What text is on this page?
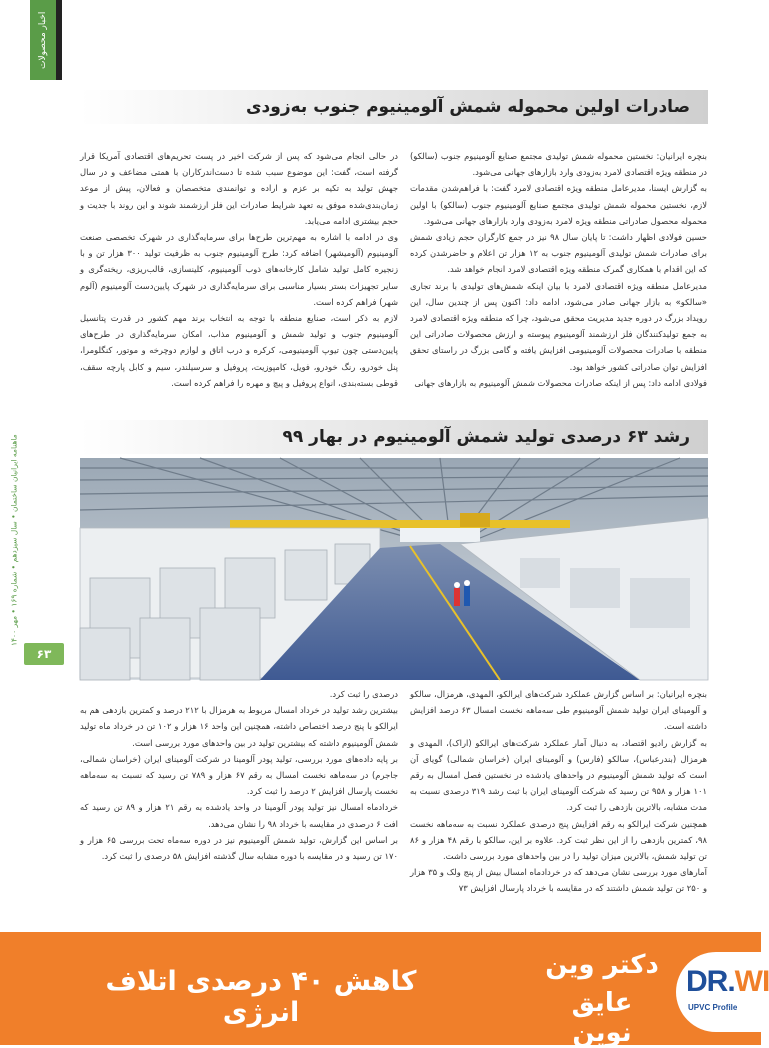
اخبار محصولات
ماهنامه ایرانیان ساختمان • سال سیزدهم • شماره ۱۶۹ • مهر ۱۴۰۰
۶۳
صادرات اولین محموله شمش آلومینیوم جنوب به‌زودی

بنچره ایرانیان: نخستین محموله شمش تولیدی مجتمع صنایع آلومینیوم جنوب (سالکو) در منطقه ویژه اقتصادی لامرد به‌زودی وارد بازارهای جهانی می‌شود.

به گزارش ایسنا، مدیرعامل منطقه ویژه اقتصادی لامرد گفت: با فراهم‌شدن مقدمات لازم، نخستین محموله شمش تولیدی مجتمع صنایع آلومینیوم جنوب (سالکو) با اولین محموله محصول صادراتی منطقه ویژه لامرد به‌زودی وارد بازارهای جهانی می‌شود.

حسین فولادی اظهار داشت: تا پایان سال ۹۸ نیز در جمع کارگران حجم زیادی شمش برای صادرات شمش تولیدی آلومینیوم جنوب به ۱۲ هزار تن اعلام و حاضرشدن کرده که این اقدام با همکاری گمرک منطقه ویژه اقتصادی لامرد انجام خواهد شد.

مدیرعامل منطقه ویژه اقتصادی لامرد با بیان اینکه شمش‌های تولیدی با برند تجاری «سالکو» به بازار جهانی صادر می‌شود، ادامه داد: اکنون پس از چندین سال، این رویداد بزرگ در دوره جدید مدیریت محقق می‌شود، چرا که منطقه ویژه اقتصادی لامرد به جمع تولیدکنندگان فلز ارزشمند آلومینیوم پیوسته و ارزش محصولات صادراتی این منطقه با صادرات محصولات آلومینیومی افزایش یافته و گامی بزرگ در راستای تحقق افزایش توان صادراتی کشور خواهد بود.

فولادی ادامه داد: پس از اینکه صادرات محصولات شمش آلومینیوم به بازارهای جهانی

در حالی انجام می‌شود که پس از شرکت اخیر در پست تحریم‌های اقتصادی آمریکا قرار گرفته است، گفت: این موضوع سبب شده تا دست‌اندرکاران با همتی مضاعف و در سال جهش تولید به تکیه بر عزم و اراده و توانمندی متخصصان و فعالان، پیش از موعد زمان‌بندی‌شده موفق به تعهد شرایط صادرات این فلز ارزشمند شوند و این روند با جدیت و حجم بیشتری ادامه می‌یابد.

وی در ادامه با اشاره به مهم‌ترین طرح‌ها برای سرمایه‌گذاری در شهرک تخصصی صنعت آلومینیوم (آلومیشهر) اضافه کرد: طرح آلومینیوم جنوب به ظرفیت تولید ۳۰۰ هزار تن و با زنجیره کامل تولید شامل کارخانه‌های ذوب آلومینیوم، کلینسازی، قالب‌ریزی، ریخته‌گری و سایر تجهیزات بستر بسیار مناسبی برای سرمایه‌گذاری در شهرک پایین‌دست آلومینیوم (آلوم شهر) فراهم کرده است.

لازم به ذکر است، صنایع منطقه با توجه به انتخاب برند مهم کشور در قدرت پتانسیل آلومینیوم جنوب و تولید شمش و آلومینیوم مذاب، امکان سرمایه‌گذاری در طرح‌های پایین‌دستی چون تیوپ آلومینیومی، کرکره و درب اتاق و لوازم دوچرخه و موتور، کنگلومرا، پنل خودرو، رنگ خودرو، فویل، کامپوزیت، پروفیل و سرسیلندر، سیم و کابل پارچه سقف، قوطی بسته‌بندی، انواع پروفیل و پیچ و مهره را فراهم کرده است.

رشد ۶۳ درصدی تولید شمش آلومینیوم در بهار ۹۹

بنچره ایرانیان: بر اساس گزارش عملکرد شرکت‌های ایرالکو، المهدی، هرمزال، سالکو و آلومینای ایران تولید شمش آلومینیوم طی سه‌ماهه نخست امسال ۶۳ درصد افزایش داشته است.

به گزارش رادیو اقتصاد، به دنبال آمار عملکرد شرکت‌های ایرالکو (اراک)، المهدی و هرمزال (بندرعباس)، سالکو (فارس) و آلومینای ایران (خراسان شمالی) گویای آن است که تولید شمش آلومینیوم در واحدهای یادشده در نخستین فصل امسال به رقم ۱۰۱ هزار و ۹۵۸ تن رسید که شرکت آلومینای ایران با ثبت رشد ۳۱۹ درصدی نسبت به مدت مشابه، بالاترین بازدهی را ثبت کرد.

همچنین شرکت ایرالکو به رقم افزایش پنج درصدی عملکرد نسبت به سه‌ماهه نخست ۹۸، کمترین بازدهی را از این نظر ثبت کرد. علاوه بر این، سالکو با رقم ۴۸ هزار و ۸۶ تن تولید شمش، بالاترین میزان تولید را در بین واحدهای مورد بررسی داشت.

آمارهای مورد بررسی نشان می‌دهد که در خردادماه امسال بیش از پنج ولک و ۳۵ هزار و ۲۵۰ تن تولید شمش داشتند که در مقایسه با خرداد پارسال افزایش ۷۳

درصدی را ثبت کرد.

بیشترین رشد تولید در خرداد امسال مربوط به هرمزال با ۲۱۲ درصد و کمترین بازدهی هم به ایرالکو با پنج درصد اختصاص داشته، همچنین این واحد ۱۶ هزار و ۱۰۲ تن در خرداد ماه تولید شمش آلومینیوم داشته که بیشترین تولید در بین واحدهای مورد بررسی است.

بر پایه داده‌های مورد بررسی، تولید پودر آلومینا در شرکت آلومینای ایران (خراسان شمالی، جاجرم) در سه‌ماهه نخست امسال به رقم ۶۷ هزار و ۷۸۹ تن رسید که نسبت به سه‌ماهه نخست پارسال افزایش ۲ درصد را ثبت کرد.

خردادماه امسال نیز تولید پودر آلومینا در واحد یادشده به رقم ۲۱ هزار و ۸۹ تن رسید که افت ۶ درصدی در مقایسه با خرداد ۹۸ را نشان می‌دهد.

بر اساس این گزارش، تولید شمش آلومینیوم نیز در دوره سه‌ماه تحت بررسی ۶۵ هزار و ۱۷۰ تن رسید و در مقایسه با دوره مشابه سال گذشته افزایش ۵۸ درصدی را ثبت کرد.

کاهش ۴۰ درصدی اتلاف انرژی
دکتر وین
عایق نوین
DR.WI
UPVC Profile
